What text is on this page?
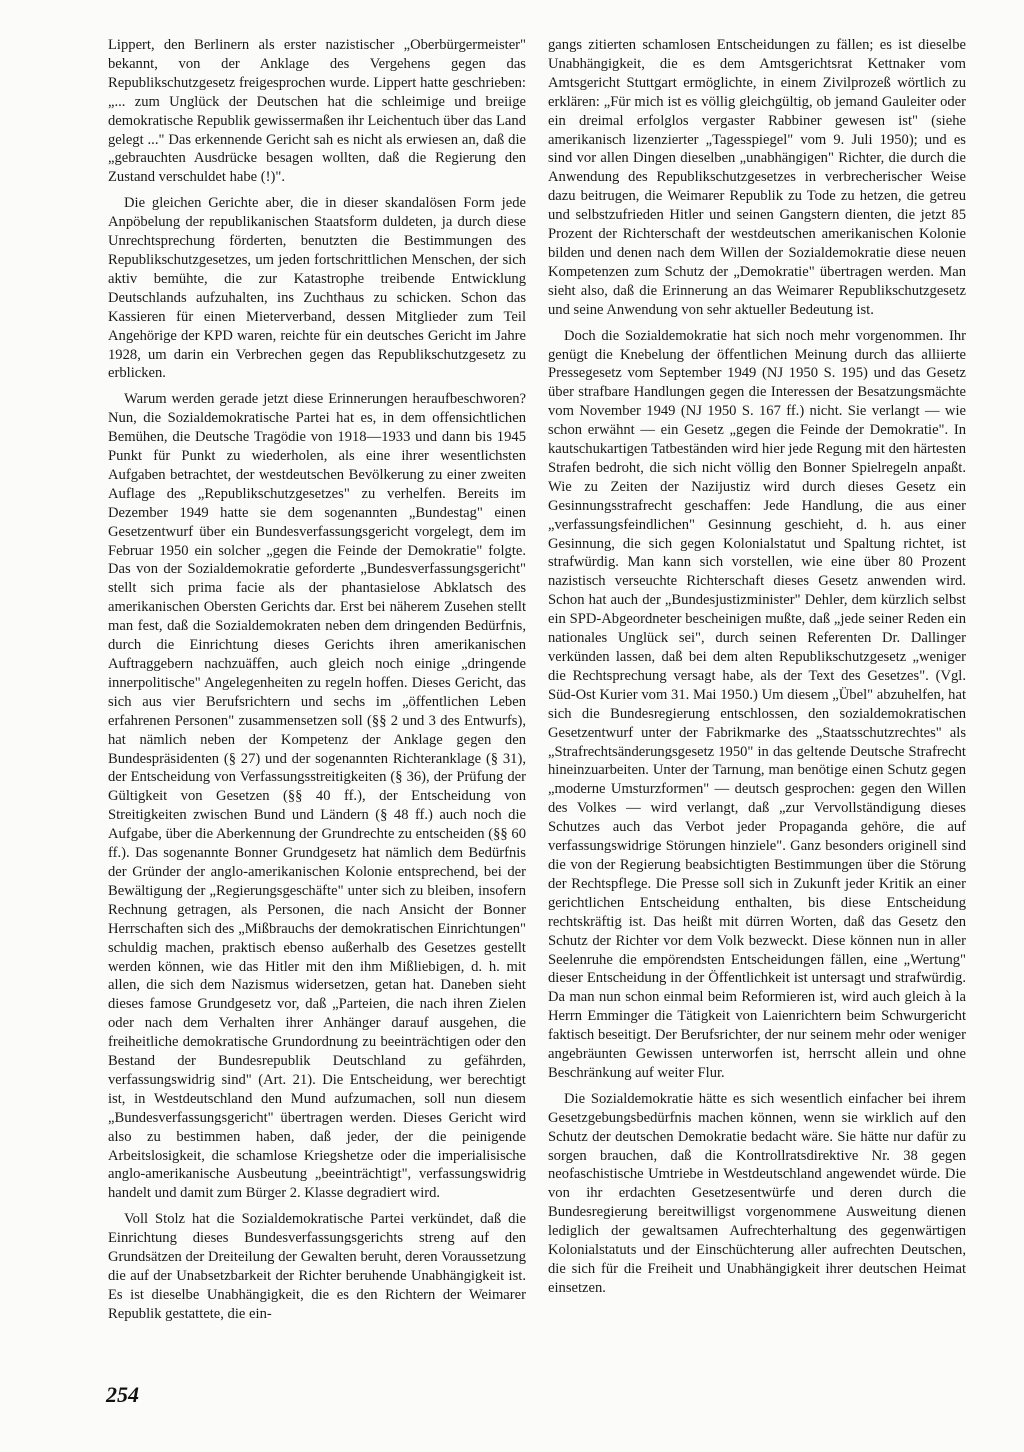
Lippert, den Berlinern als erster nazistischer „Oberbürgermeister" bekannt, von der Anklage des Vergehens gegen das Republikschutzgesetz freigesprochen wurde. Lippert hatte geschrieben: „... zum Unglück der Deutschen hat die schleimige und breiige demokratische Republik gewissermaßen ihr Leichentuch über das Land gelegt ..." Das erkennende Gericht sah es nicht als erwiesen an, daß die „gebrauchten Ausdrücke besagen wollten, daß die Regierung den Zustand verschuldet habe (!)".

Die gleichen Gerichte aber, die in dieser skandalösen Form jede Anpöbelung der republikanischen Staatsform duldeten, ja durch diese Unrechtsprechung förderten, benutzten die Bestimmungen des Republikschutzgesetzes, um jeden fortschrittlichen Menschen, der sich aktiv bemühte, die zur Katastrophe treibende Entwicklung Deutschlands aufzuhalten, ins Zuchthaus zu schicken. Schon das Kassieren für einen Mieterverband, dessen Mitglieder zum Teil Angehörige der KPD waren, reichte für ein deutsches Gericht im Jahre 1928, um darin ein Verbrechen gegen das Republikschutzgesetz zu erblicken.

Warum werden gerade jetzt diese Erinnerungen heraufbeschworen? Nun, die Sozialdemokratische Partei hat es, in dem offensichtlichen Bemühen, die Deutsche Tragödie von 1918—1933 und dann bis 1945 Punkt für Punkt zu wiederholen, als eine ihrer wesentlichsten Aufgaben betrachtet, der westdeutschen Bevölkerung zu einer zweiten Auflage des „Republikschutzgesetzes" zu verhelfen. Bereits im Dezember 1949 hatte sie dem sogenannten „Bundestag" einen Gesetzentwurf über ein Bundesverfassungsgericht vorgelegt, dem im Februar 1950 ein solcher „gegen die Feinde der Demokratie" folgte. Das von der Sozialdemokratie geforderte „Bundesverfassungsgericht" stellt sich prima facie als der phantasielose Abklatsch des amerikanischen Obersten Gerichts dar. Erst bei näherem Zusehen stellt man fest, daß die Sozialdemokraten neben dem dringenden Bedürfnis, durch die Einrichtung dieses Gerichts ihren amerikanischen Auftraggebern nachzuäffen, auch gleich noch einige „dringende innerpolitische" Angelegenheiten zu regeln hoffen. Dieses Gericht, das sich aus vier Berufsrichtern und sechs im „öffentlichen Leben erfahrenen Personen" zusammensetzen soll (§§ 2 und 3 des Entwurfs), hat nämlich neben der Kompetenz der Anklage gegen den Bundespräsidenten (§ 27) und der sogenannten Richteranklage (§ 31), der Entscheidung von Verfassungsstreitigkeiten (§ 36), der Prüfung der Gültigkeit von Gesetzen (§§ 40 ff.), der Entscheidung von Streitigkeiten zwischen Bund und Ländern (§ 48 ff.) auch noch die Aufgabe, über die Aberkennung der Grundrechte zu entscheiden (§§ 60 ff.). Das sogenannte Bonner Grundgesetz hat nämlich dem Bedürfnis der Gründer der anglo-amerikanischen Kolonie entsprechend, bei der Bewältigung der „Regierungsgeschäfte" unter sich zu bleiben, insofern Rechnung getragen, als Personen, die nach Ansicht der Bonner Herrschaften sich des „Mißbrauchs der demokratischen Einrichtungen" schuldig machen, praktisch ebenso außerhalb des Gesetzes gestellt werden können, wie das Hitler mit den ihm Mißliebigen, d. h. mit allen, die sich dem Nazismus widersetzen, getan hat. Daneben sieht dieses famose Grundgesetz vor, daß „Parteien, die nach ihren Zielen oder nach dem Verhalten ihrer Anhänger darauf ausgehen, die freiheitliche demokratische Grundordnung zu beeinträchtigen oder den Bestand der Bundesrepublik Deutschland zu gefährden, verfassungswidrig sind" (Art. 21). Die Entscheidung, wer berechtigt ist, in Westdeutschland den Mund aufzumachen, soll nun diesem „Bundesverfassungsgericht" übertragen werden. Dieses Gericht wird also zu bestimmen haben, daß jeder, der die peinigende Arbeitslosigkeit, die schamlose Kriegshetze oder die imperialisische anglo-amerikanische Ausbeutung „beeinträchtigt", verfassungswidrig handelt und damit zum Bürger 2. Klasse degradiert wird.

Voll Stolz hat die Sozialdemokratische Partei verkündet, daß die Einrichtung dieses Bundesverfassungsgerichts streng auf den Grundsätzen der Dreiteilung der Gewalten beruht, deren Voraussetzung die auf der Unabsetzbarkeit der Richter beruhende Unabhängigkeit ist. Es ist dieselbe Unabhängigkeit, die es den Richtern der Weimarer Republik gestattete, die ein-

gangs zitierten schamlosen Entscheidungen zu fällen; es ist dieselbe Unabhängigkeit, die es dem Amtsgerichtsrat Kettnaker vom Amtsgericht Stuttgart ermöglichte, in einem Zivilprozeß wörtlich zu erklären: „Für mich ist es völlig gleichgültig, ob jemand Gauleiter oder ein dreimal erfolglos vergaster Rabbiner gewesen ist" (siehe amerikanisch lizenzierter „Tagesspiegel" vom 9. Juli 1950); und es sind vor allen Dingen dieselben „unabhängigen" Richter, die durch die Anwendung des Republikschutzgesetzes in verbrecherischer Weise dazu beitrugen, die Weimarer Republik zu Tode zu hetzen, die getreu und selbstzufrieden Hitler und seinen Gangstern dienten, die jetzt 85 Prozent der Richterschaft der westdeutschen amerikanischen Kolonie bilden und denen nach dem Willen der Sozialdemokratie diese neuen Kompetenzen zum Schutz der „Demokratie" übertragen werden. Man sieht also, daß die Erinnerung an das Weimarer Republikschutzgesetz und seine Anwendung von sehr aktueller Bedeutung ist.

Doch die Sozialdemokratie hat sich noch mehr vorgenommen. Ihr genügt die Knebelung der öffentlichen Meinung durch das alliierte Pressegesetz vom September 1949 (NJ 1950 S. 195) und das Gesetz über strafbare Handlungen gegen die Interessen der Besatzungsmächte vom November 1949 (NJ 1950 S. 167 ff.) nicht. Sie verlangt — wie schon erwähnt — ein Gesetz „gegen die Feinde der Demokratie". In kautschukartigen Tatbeständen wird hier jede Regung mit den härtesten Strafen bedroht, die sich nicht völlig den Bonner Spielregeln anpaßt. Wie zu Zeiten der Nazijustiz wird durch dieses Gesetz ein Gesinnungsstrafrecht geschaffen: Jede Handlung, die aus einer „verfassungsfeindlichen" Gesinnung geschieht, d. h. aus einer Gesinnung, die sich gegen Kolonialstatut und Spaltung richtet, ist strafwürdig. Man kann sich vorstellen, wie eine über 80 Prozent nazistisch verseuchte Richterschaft dieses Gesetz anwenden wird. Schon hat auch der „Bundesjustizminister" Dehler, dem kürzlich selbst ein SPD-Abgeordneter bescheinigen mußte, daß „jede seiner Reden ein nationales Unglück sei", durch seinen Referenten Dr. Dallinger verkünden lassen, daß bei dem alten Republikschutzgesetz „weniger die Rechtsprechung versagt habe, als der Text des Gesetzes". (Vgl. Süd-Ost Kurier vom 31. Mai 1950.) Um diesem „Übel" abzuhelfen, hat sich die Bundesregierung entschlossen, den sozialdemokratischen Gesetzentwurf unter der Fabrikmarke des „Staatsschutzrechtes" als „Strafrechtsänderungsgesetz 1950" in das geltende Deutsche Strafrecht hineinzuarbeiten. Unter der Tarnung, man benötige einen Schutz gegen „moderne Umsturzformen" — deutsch gesprochen: gegen den Willen des Volkes — wird verlangt, daß „zur Vervollständigung dieses Schutzes auch das Verbot jeder Propaganda gehöre, die auf verfassungswidrige Störungen hinziele". Ganz besonders originell sind die von der Regierung beabsichtigten Bestimmungen über die Störung der Rechtspflege. Die Presse soll sich in Zukunft jeder Kritik an einer gerichtlichen Entscheidung enthalten, bis diese Entscheidung rechtskräftig ist. Das heißt mit dürren Worten, daß das Gesetz den Schutz der Richter vor dem Volk bezweckt. Diese können nun in aller Seelenruhe die empörendsten Entscheidungen fällen, eine „Wertung" dieser Entscheidung in der Öffentlichkeit ist untersagt und strafwürdig. Da man nun schon einmal beim Reformieren ist, wird auch gleich à la Herrn Emminger die Tätigkeit von Laienrichtern beim Schwurgericht faktisch beseitigt. Der Berufsrichter, der nur seinem mehr oder weniger angebräunten Gewissen unterworfen ist, herrscht allein und ohne Beschränkung auf weiter Flur.

Die Sozialdemokratie hätte es sich wesentlich einfacher bei ihrem Gesetzgebungsbedürfnis machen können, wenn sie wirklich auf den Schutz der deutschen Demokratie bedacht wäre. Sie hätte nur dafür zu sorgen brauchen, daß die Kontrollratsdirektive Nr. 38 gegen neofaschistische Umtriebe in Westdeutschland angewendet würde. Die von ihr erdachten Gesetzesentwürfe und deren durch die Bundesregierung bereitwilligst vorgenommene Ausweitung dienen lediglich der gewaltsamen Aufrechterhaltung des gegenwärtigen Kolonialstatuts und der Einschüchterung aller aufrechten Deutschen, die sich für die Freiheit und Unabhängigkeit ihrer deutschen Heimat einsetzen.

254
